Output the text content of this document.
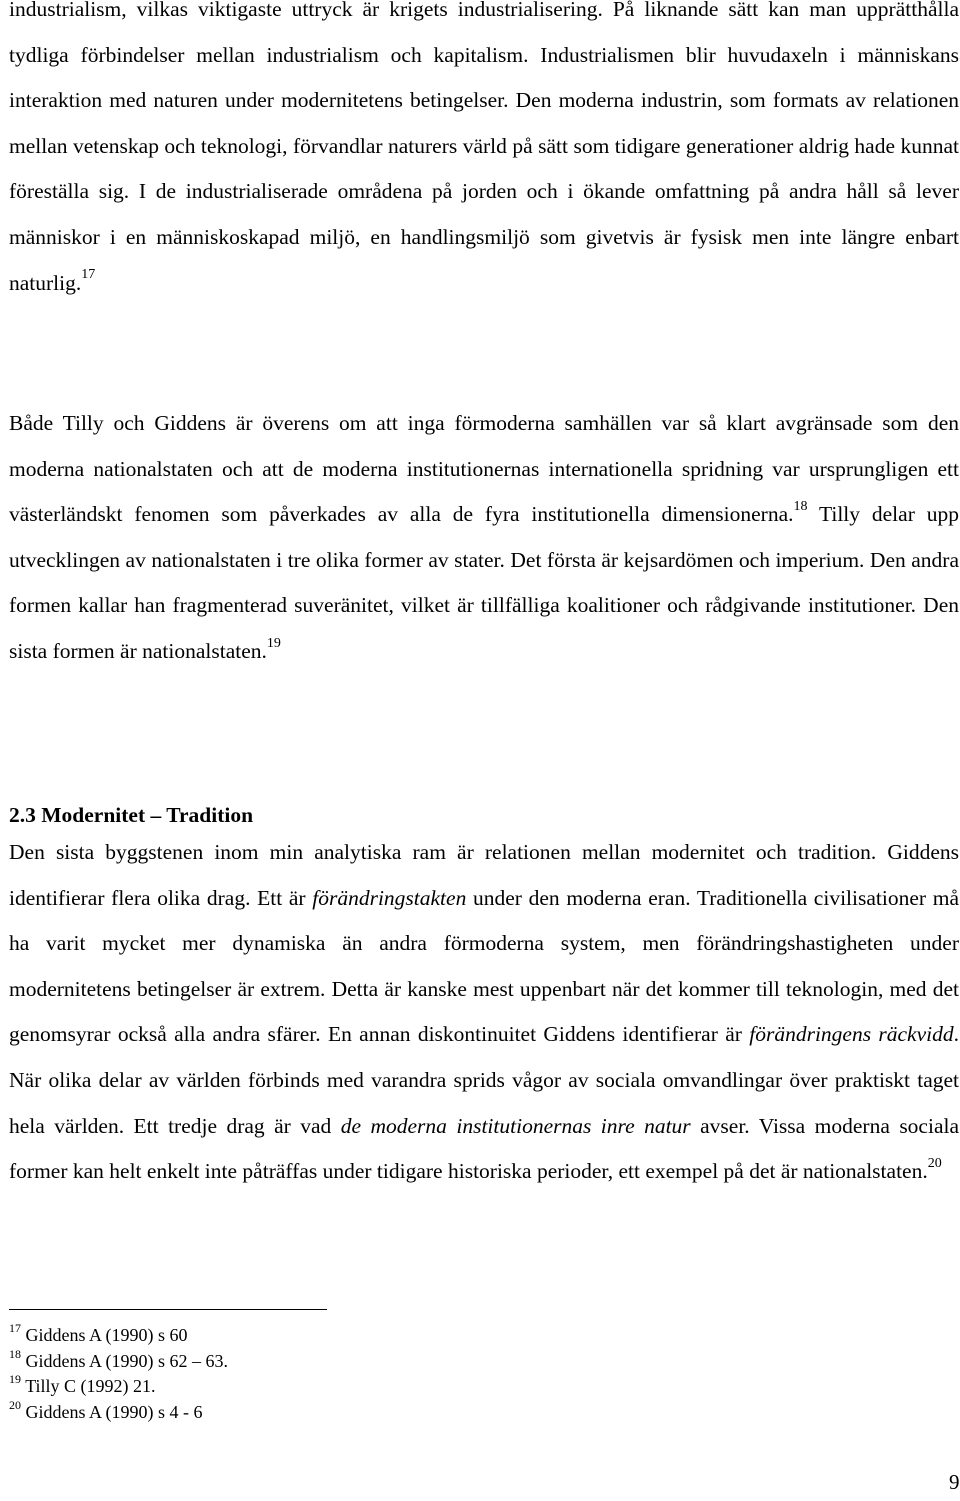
industrialism, vilkas viktigaste uttryck är krigets industrialisering. På liknande sätt kan man upprätthålla tydliga förbindelser mellan industrialism och kapitalism. Industrialismen blir huvudaxeln i människans interaktion med naturen under modernitetens betingelser. Den moderna industrin, som formats av relationen mellan vetenskap och teknologi, förvandlar naturers värld på sätt som tidigare generationer aldrig hade kunnat föreställa sig. I de industrialiserade områdena på jorden och i ökande omfattning på andra håll så lever människor i en människoskapad miljö, en handlingsmiljö som givetvis är fysisk men inte längre enbart naturlig.$^{17}$

Både Tilly och Giddens är överens om att inga förmoderna samhällen var så klart avgränsade som den moderna nationalstaten och att de moderna institutionernas internationella spridning var ursprungligen ett västerländskt fenomen som påverkades av alla de fyra institutionella dimensionerna.$^{18}$ Tilly delar upp utvecklingen av nationalstaten i tre olika former av stater. Det första är kejsardömen och imperium. Den andra formen kallar han fragmenterad suveränitet, vilket är tillfälliga koalitioner och rådgivande institutioner. Den sista formen är nationalstaten.$^{19}$

2.3 Modernitet – Tradition

Den sista byggstenen inom min analytiska ram är relationen mellan modernitet och tradition. Giddens identifierar flera olika drag. Ett är förändringstakten under den moderna eran. Traditionella civilisationer må ha varit mycket mer dynamiska än andra förmoderna system, men förändringshastigheten under modernitetens betingelser är extrem. Detta är kanske mest uppenbart när det kommer till teknologin, med det genomsyrar också alla andra sfärer. En annan diskontinuitet Giddens identifierar är förändringens räckvidd. När olika delar av världen förbinds med varandra sprids vågor av sociala omvandlingar över praktiskt taget hela världen. Ett tredje drag är vad de moderna institutionernas inre natur avser. Vissa moderna sociala former kan helt enkelt inte påträffas under tidigare historiska perioder, ett exempel på det är nationalstaten.$^{20}$

$^{17}$ Giddens A (1990) s 60
$^{18}$ Giddens A (1990) s 62 – 63.
$^{19}$ Tilly C (1992) 21.
$^{20}$ Giddens A (1990) s 4 - 6
9
